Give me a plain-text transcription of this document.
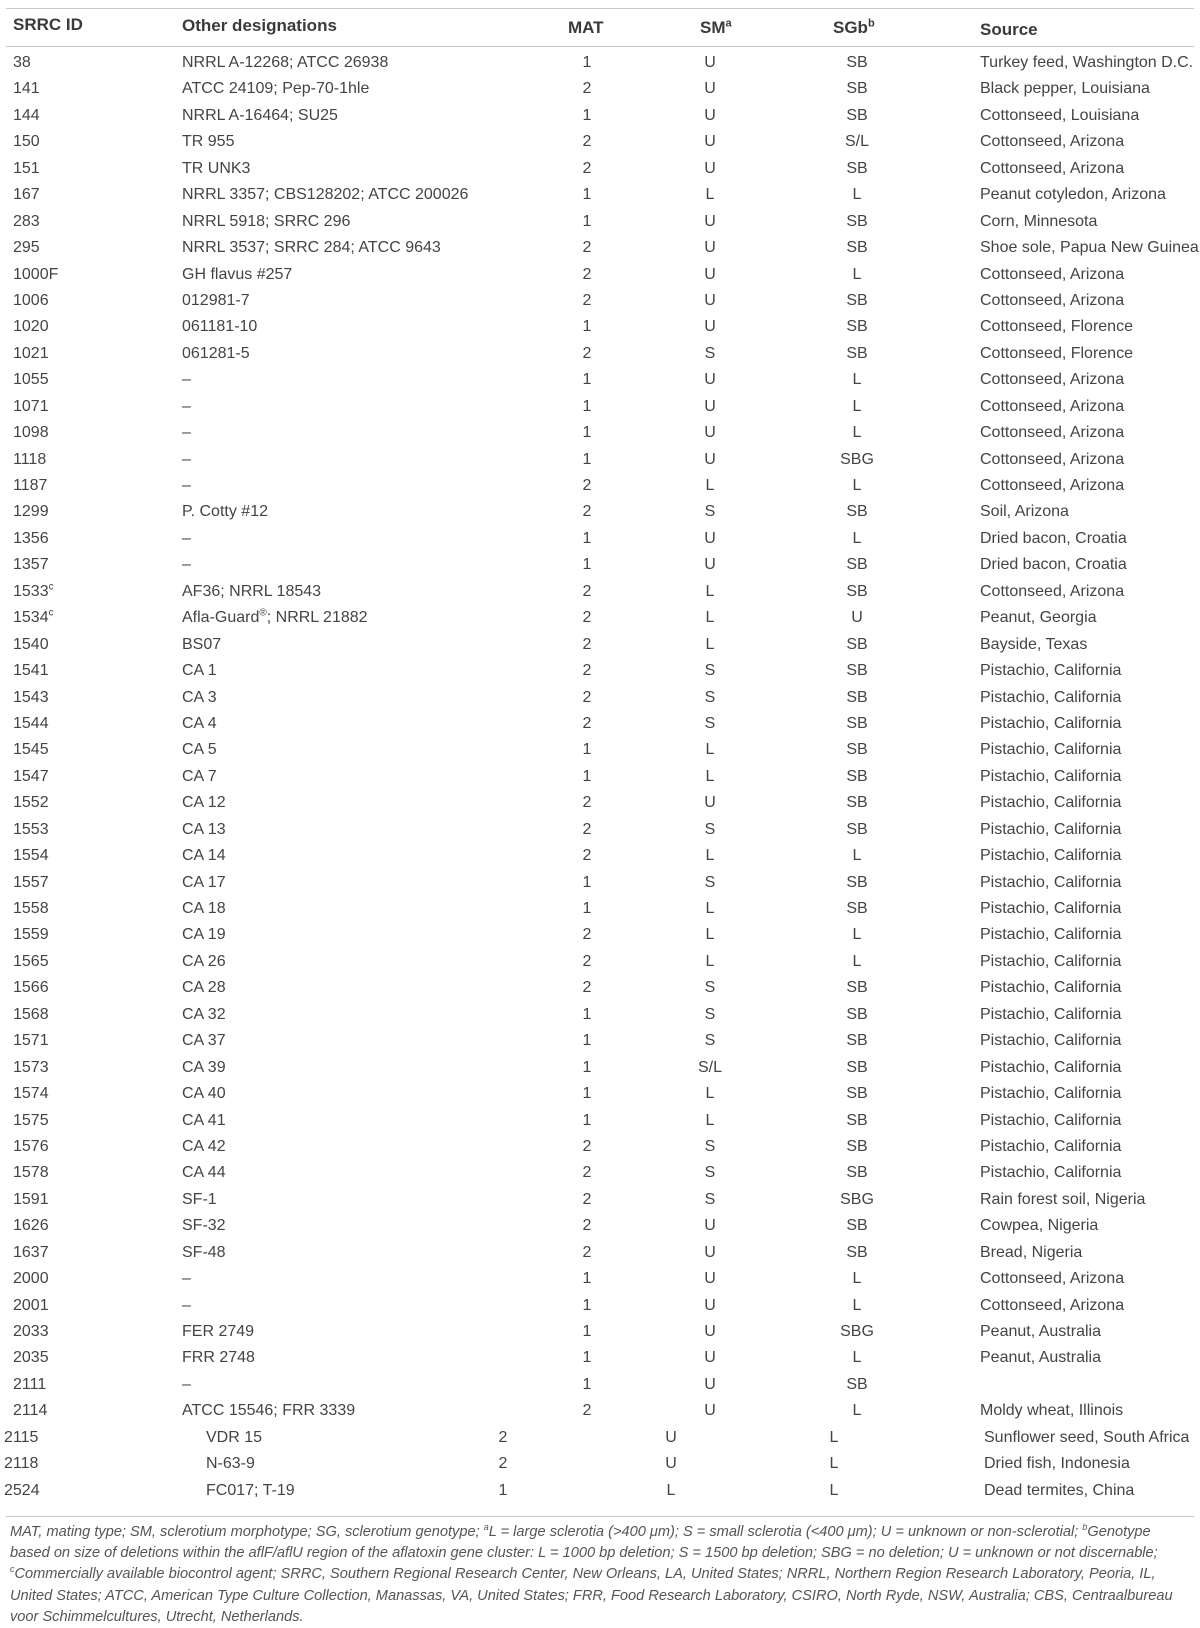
SRRC ID	Other designations	MAT	$SM^a$	SGb$^b$	Source
38	NRRL A-12268; ATCC 26938	1	U	SB	Turkey feed, Washington D.C.
141	ATCC 24109; Pep-70-1hle	2	U	SB	Black pepper, Louisiana
144	NRRL A-16464; SU25	1	U	SB	Cottonseed, Louisiana
150	TR 955	2	U	S/L	Cottonseed, Arizona
151	TR UNK3	2	U	SB	Cottonseed, Arizona
167	NRRL 3357; CBS128202; ATCC 200026	1	L	L	Peanut cotyledon, Arizona
283	NRRL 5918; SRRC 296	1	U	SB	Corn, Minnesota
295	NRRL 3537; SRRC 284; ATCC 9643	2	U	SB	Shoe sole, Papua New Guinea
1000F	GH flavus #257	2	U	L	Cottonseed, Arizona
1006	012981-7	2	U	SB	Cottonseed, Arizona
1020	061181-10	1	U	SB	Cottonseed, Florence
1021	061281-5	2	S	SB	Cottonseed, Florence
1055	–	1	U	L	Cottonseed, Arizona
1071	–	1	U	L	Cottonseed, Arizona
1098	–	1	U	L	Cottonseed, Arizona
1118	–	1	U	SBG	Cottonseed, Arizona
1187	–	2	L	L	Cottonseed, Arizona
1299	P. Cotty #12	2	S	SB	Soil, Arizona
1356	–	1	U	L	Dried bacon, Croatia
1357	–	1	U	SB	Dried bacon, Croatia
1533$^c$	AF36; NRRL 18543	2	L	SB	Cottonseed, Arizona
1534$^c$	Afla-Guard®; NRRL 21882	2	L	U	Peanut, Georgia
1540	BS07	2	L	SB	Bayside, Texas
1541	CA 1	2	S	SB	Pistachio, California
1543	CA 3	2	S	SB	Pistachio, California
1544	CA 4	2	S	SB	Pistachio, California
1545	CA 5	1	L	SB	Pistachio, California
1547	CA 7	1	L	SB	Pistachio, California
1552	CA 12	2	U	SB	Pistachio, California
1553	CA 13	2	S	SB	Pistachio, California
1554	CA 14	2	L	L	Pistachio, California
1557	CA 17	1	S	SB	Pistachio, California
1558	CA 18	1	L	SB	Pistachio, California
1559	CA 19	2	L	L	Pistachio, California
1565	CA 26	2	L	L	Pistachio, California
1566	CA 28	2	S	SB	Pistachio, California
1568	CA 32	1	S	SB	Pistachio, California
1571	CA 37	1	S	SB	Pistachio, California
1573	CA 39	1	S/L	SB	Pistachio, California
1574	CA 40	1	L	SB	Pistachio, California
1575	CA 41	1	L	SB	Pistachio, California
1576	CA 42	2	S	SB	Pistachio, California
1578	CA 44	2	S	SB	Pistachio, California
1591	SF-1	2	S	SBG	Rain forest soil, Nigeria
1626	SF-32	2	U	SB	Cowpea, Nigeria
1637	SF-48	2	U	SB	Bread, Nigeria
2000	–	1	U	L	Cottonseed, Arizona
2001	–	1	U	L	Cottonseed, Arizona
2033	FER 2749	1	U	SBG	Peanut, Australia
2035	FRR 2748	1	U	L	Peanut, Australia
2111	–	1	U	SB
2114	ATCC 15546; FRR 3339	2	U	L	Moldy wheat, Illinois
2115	VDR 15	2	U	L	Sunflower seed, South Africa
2118	N-63-9	2	U	L	Dried fish, Indonesia
2524	FC017; T-19	1	L	L	Dead termites, China
MAT, mating type; SM, sclerotium morphotype; SG, sclerotium genotype; $^a$L = large sclerotia (>400 μm); S = small sclerotia (<400 μm); U = unknown or non-sclerotial; $^b$Genotype based on size of deletions within the aflF/aflU region of the aflatoxin gene cluster: L = 1000 bp deletion; S = 1500 bp deletion; SBG = no deletion; U = unknown or not discernable; $^c$Commercially available biocontrol agent; SRRC, Southern Regional Research Center, New Orleans, LA, United States; NRRL, Northern Region Research Laboratory, Peoria, IL, United States; ATCC, American Type Culture Collection, Manassas, VA, United States; FRR, Food Research Laboratory, CSIRO, North Ryde, NSW, Australia; CBS, Centraalbureau voor Schimmelcultures, Utrecht, Netherlands.
